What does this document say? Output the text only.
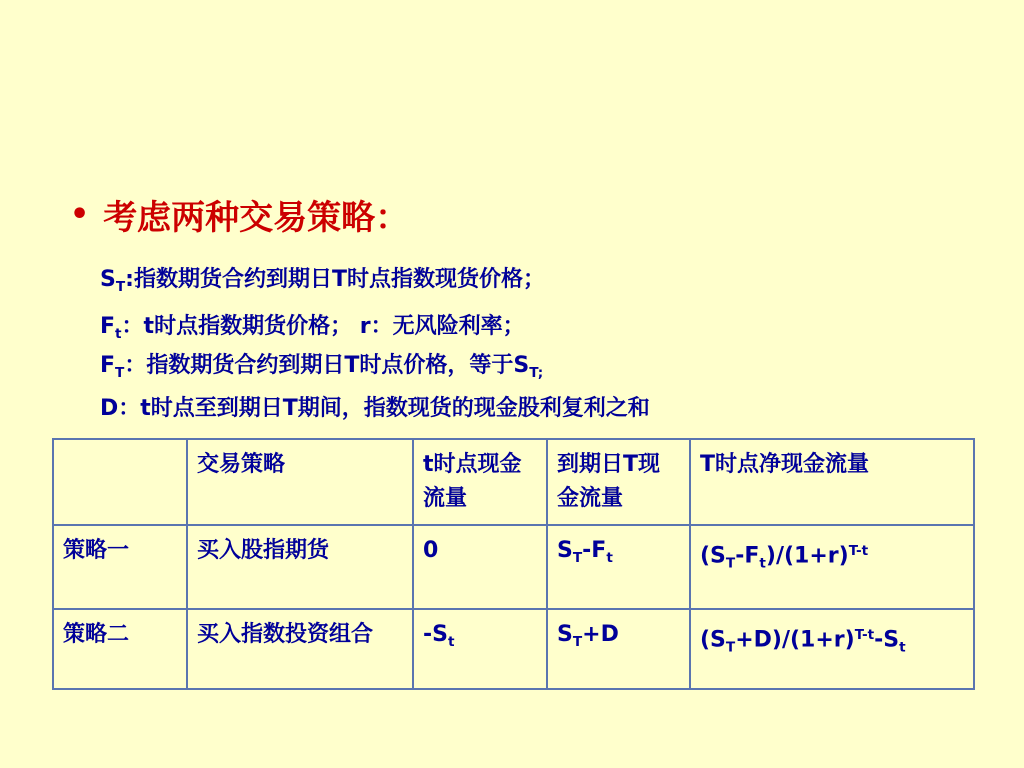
• 考虑两种交易策略：
$S_T$:指数期货合约到期日T时点指数现货价格；
$F_t$：t时点指数期货价格； r：无风险利率；
$F_T$：指数期货合约到期日T时点价格，等于$S_{T;}$
D：t时点至到期日T期间，指数现货的现金股利复利之和
	交易策略	t时点现金流量	到期日T现金流量	T时点净现金流量
策略一	买入股指期货	0	$S_T-F_t$	$(S_T-F_t)/(1+r)^{T-t}$
策略二	买入指数投资组合	$-S_t$	$S_T+D$	$(S_T+D)/(1+r)^{T-t}-S_t$
